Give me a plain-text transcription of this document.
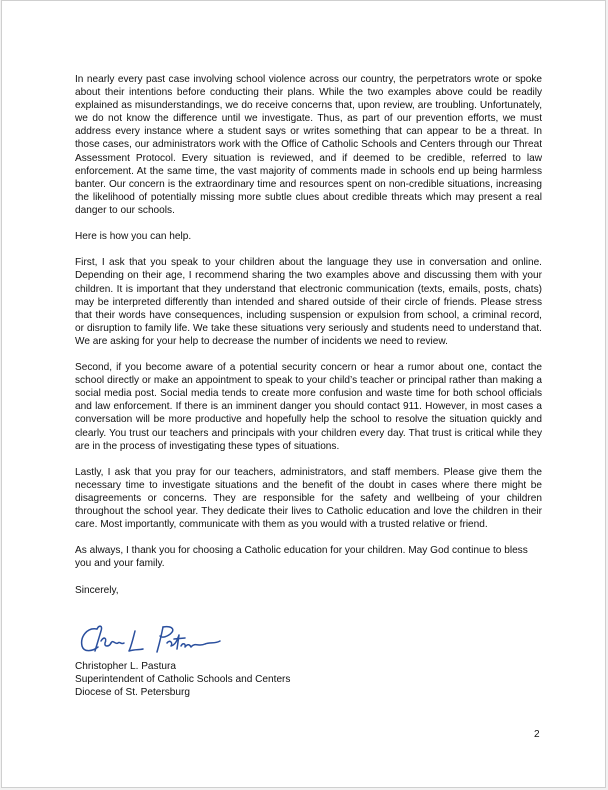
In nearly every past case involving school violence across our country, the perpetrators wrote or spoke about their intentions before conducting their plans. While the two examples above could be readily explained as misunderstandings, we do receive concerns that, upon review, are troubling. Unfortunately, we do not know the difference until we investigate. Thus, as part of our prevention efforts, we must address every instance where a student says or writes something that can appear to be a threat. In those cases, our administrators work with the Office of Catholic Schools and Centers through our Threat Assessment Protocol. Every situation is reviewed, and if deemed to be credible, referred to law enforcement. At the same time, the vast majority of comments made in schools end up being harmless banter. Our concern is the extraordinary time and resources spent on non-credible situations, increasing the likelihood of potentially missing more subtle clues about credible threats which may present a real danger to our schools.

Here is how you can help.

First, I ask that you speak to your children about the language they use in conversation and online. Depending on their age, I recommend sharing the two examples above and discussing them with your children. It is important that they understand that electronic communication (texts, emails, posts, chats) may be interpreted differently than intended and shared outside of their circle of friends. Please stress that their words have consequences, including suspension or expulsion from school, a criminal record, or disruption to family life. We take these situations very seriously and students need to understand that. We are asking for your help to decrease the number of incidents we need to review.

Second, if you become aware of a potential security concern or hear a rumor about one, contact the school directly or make an appointment to speak to your child’s teacher or principal rather than making a social media post. Social media tends to create more confusion and waste time for both school officials and law enforcement. If there is an imminent danger you should contact 911. However, in most cases a conversation will be more productive and hopefully help the school to resolve the situation quickly and clearly. You trust our teachers and principals with your children every day. That trust is critical while they are in the process of investigating these types of situations.

Lastly, I ask that you pray for our teachers, administrators, and staff members. Please give them the necessary time to investigate situations and the benefit of the doubt in cases where there might be disagreements or concerns. They are responsible for the safety and wellbeing of your children throughout the school year. They dedicate their lives to Catholic education and love the children in their care. Most importantly, communicate with them as you would with a trusted relative or friend.

As always, I thank you for choosing a Catholic education for your children. May God continue to bless you and your family.

Sincerely,

Christopher L. Pastura
Superintendent of Catholic Schools and Centers
Diocese of St. Petersburg
2
